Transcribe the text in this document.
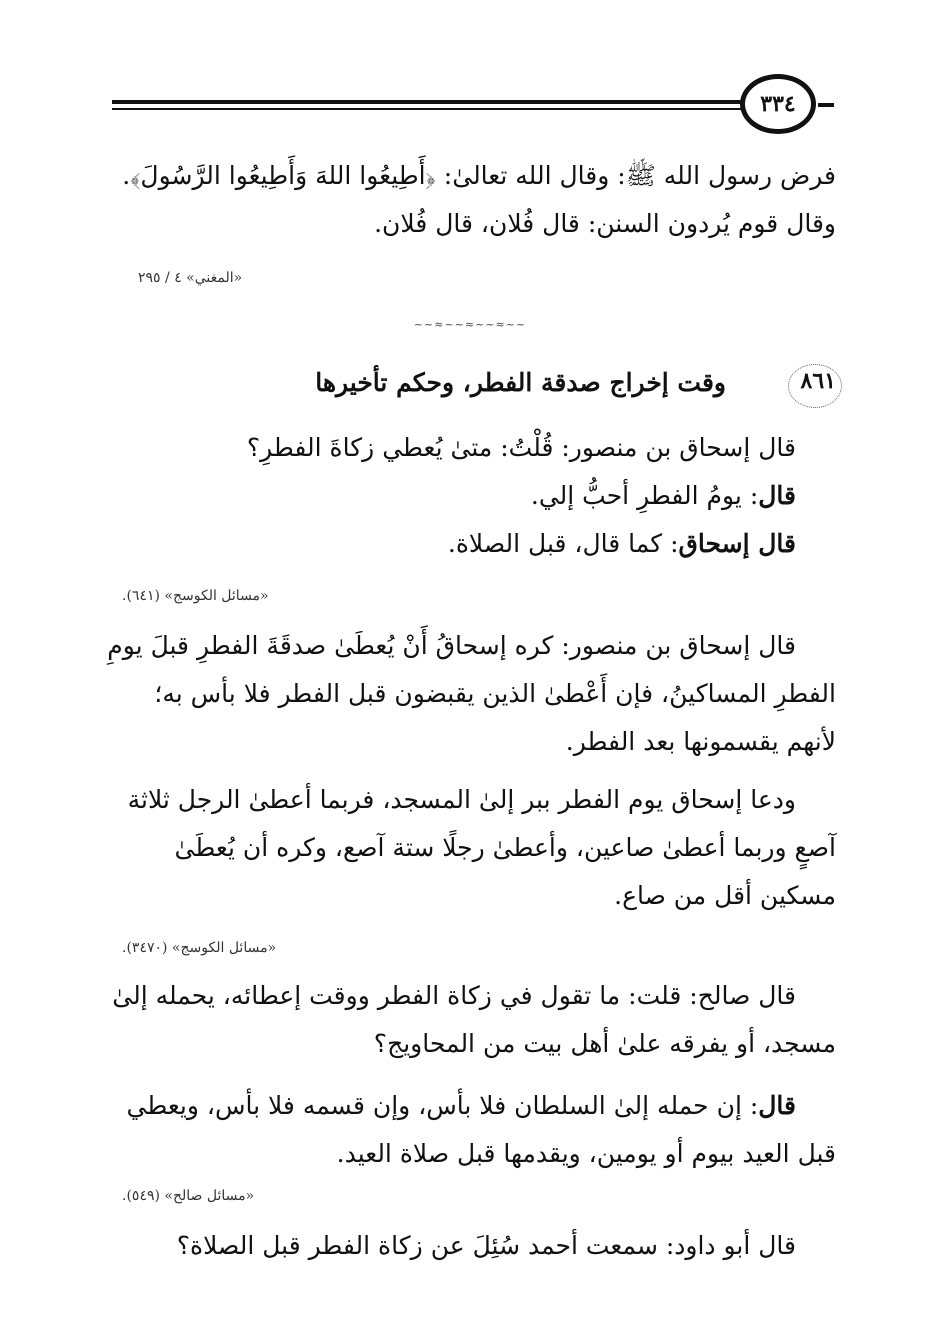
٣٣٤
فرض رسول الله ﷺ: وقال الله تعالىٰ: ﴿أَطِيعُوا اللهَ وَأَطِيعُوا الرَّسُولَ﴾.
وقال قوم يُردون السنن: قال فُلان، قال فُلان.
«المغني» ٤ / ٢٩٥
~~≈~~≈~~≈~~
٨٦١
وقت إخراج صدقة الفطر، وحكم تأخيرها
قال إسحاق بن منصور: قُلْتُ: متىٰ يُعطي زكاةَ الفطرِ؟
قال: يومُ الفطرِ أحبُّ إلي.
قال إسحاق: كما قال، قبل الصلاة.
«مسائل الكوسج» (٦٤١).
قال إسحاق بن منصور: كره إسحاقُ أَنْ يُعطَىٰ صدقَةَ الفطرِ قبلَ يومِ
الفطرِ المساكينُ، فإن أَعْطىٰ الذين يقبضون قبل الفطر فلا بأس به؛
لأنهم يقسمونها بعد الفطر.
ودعا إسحاق يوم الفطر ببر إلىٰ المسجد، فربما أعطىٰ الرجل ثلاثة
آصعٍ وربما أعطىٰ صاعين، وأعطىٰ رجلًا ستة آصع، وكره أن يُعطَىٰ
مسكين أقل من صاع.
«مسائل الكوسج» (٣٤٧٠).
قال صالح: قلت: ما تقول في زكاة الفطر ووقت إعطائه، يحمله إلىٰ
مسجد، أو يفرقه علىٰ أهل بيت من المحاويج؟
قال: إن حمله إلىٰ السلطان فلا بأس، وإن قسمه فلا بأس، ويعطي
قبل العيد بيوم أو يومين، ويقدمها قبل صلاة العيد.
«مسائل صالح» (٥٤٩).
قال أبو داود: سمعت أحمد سُئِلَ عن زكاة الفطر قبل الصلاة؟
